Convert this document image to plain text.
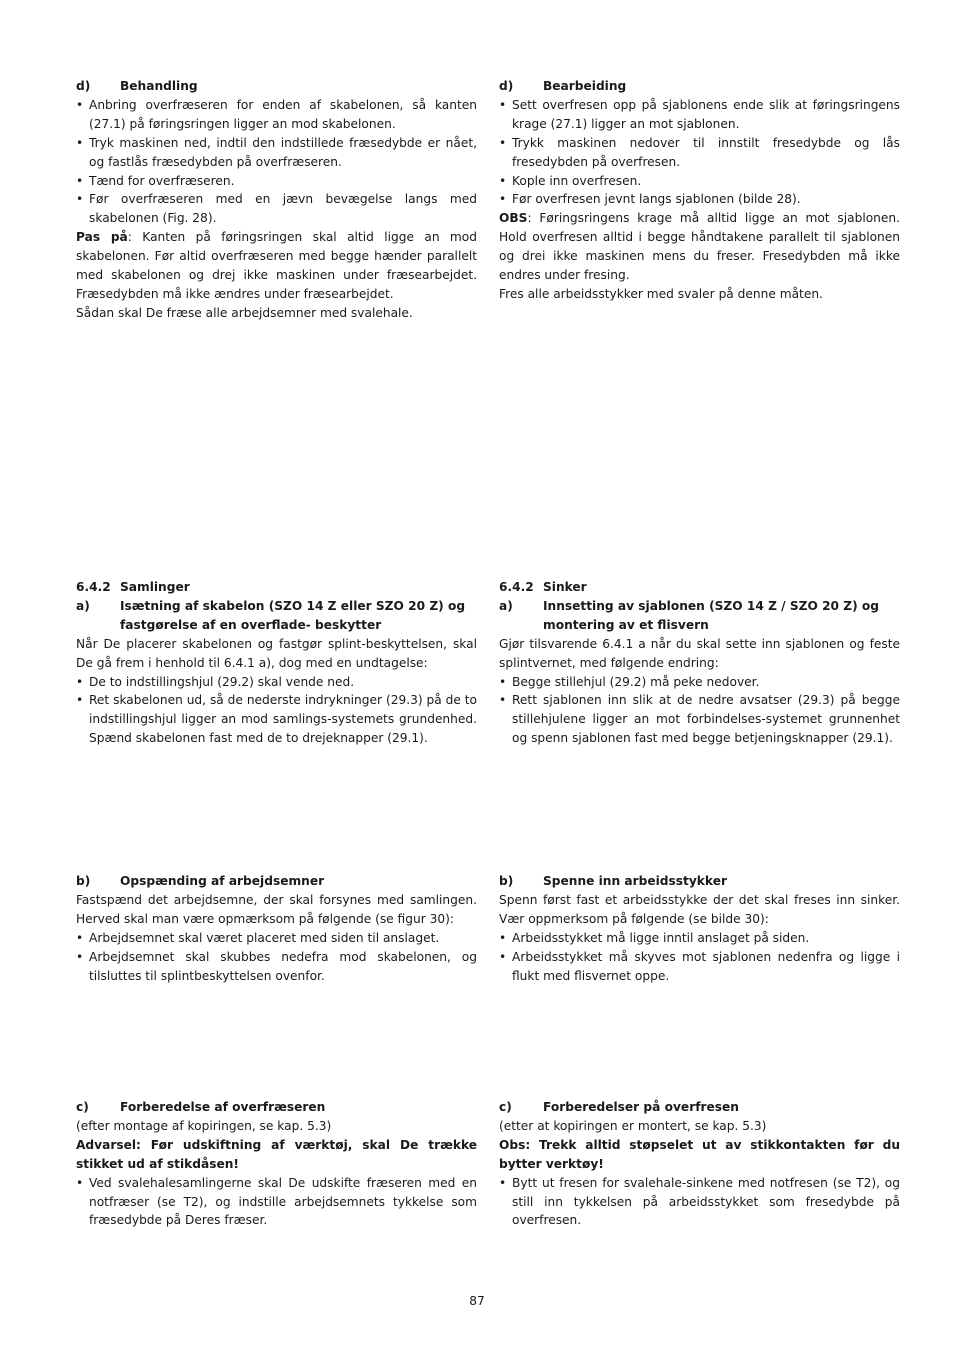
d)	Behandling
• Anbring overfræseren for enden af skabelonen, så kanten (27.1) på føringsringen ligger an mod skabelonen.
• Tryk maskinen ned, indtil den indstillede fræsedybde er nået, og fastlås fræsedybden på overfræseren.
• Tænd for overfræseren.
• Før overfræseren med en jævn bevægelse langs med skabelonen (Fig. 28).

Pas på: Kanten på føringsringen skal altid ligge an mod skabelonen. Før altid overfræseren med begge hænder parallelt med skabelonen og drej ikke maskinen under fræsearbejdet. Fræsedybden må ikke ændres under fræsearbejdet.

Sådan skal De fræse alle arbejdsemner med svalehale.

6.4.2 Samlinger
a)	Isætning af skabelon (SZO 14 Z eller SZO 20 Z) og fastgørelse af en overflade- beskytter

Når De placerer skabelonen og fastgør splint-beskyttelsen, skal De gå frem i henhold til 6.4.1 a), dog med en undtagelse:

• De to indstillingshjul (29.2) skal vende ned.
• Ret skabelonen ud, så de nederste indrykninger (29.3) på de to indstillingshjul ligger an mod samlings-systemets grundenhed. Spænd skabelonen fast med de to drejeknapper (29.1).
b)	Opspænding af arbejdsemner

Fastspænd det arbejdsemne, der skal forsynes med samlingen. Herved skal man være opmærksom på følgende (se figur 30):

• Arbejdsemnet skal været placeret med siden til anslaget.
• Arbejdsemnet skal skubbes nedefra mod skabelonen, og tilsluttes til splintbeskyttelsen ovenfor.
c)	Forberedelse af overfræseren

(efter montage af kopiringen, se kap. 5.3)

Advarsel: Før udskiftning af værktøj, skal De trække stikket ud af stikdåsen!

• Ved svalehalesamlingerne skal De udskifte fræseren med en notfræser (se T2), og indstille arbejdsemnets tykkelse som fræsedybde på Deres fræser.
d)	Bearbeiding
• Sett overfresen opp på sjablonens ende slik at føringsringens krage (27.1) ligger an mot sjablonen.
• Trykk maskinen nedover til innstilt fresedybde og lås fresedybden på overfresen.
• Kople inn overfresen.
• Før overfresen jevnt langs sjablonen (bilde 28).

OBS: Føringsringens krage må alltid ligge an mot sjablonen. Hold overfresen alltid i begge håndtakene parallelt til sjablonen og drei ikke maskinen mens du freser. Fresedybden må ikke endres under fresing.

Fres alle arbeidsstykker med svaler på denne måten.

6.4.2 Sinker
a)	Innsetting av sjablonen (SZO 14 Z / SZO 20 Z) og montering av et flisvern

Gjør tilsvarende 6.4.1 a når du skal sette inn sjablonen og feste splintvernet, med følgende endring:

• Begge stillehjul (29.2) må peke nedover.
• Rett sjablonen inn slik at de nedre avsatser (29.3) på begge stillehjulene ligger an mot forbindelses-systemet grunnenhet og spenn sjablonen fast med begge betjeningsknapper (29.1).
b)	Spenne inn arbeidsstykker

Spenn først fast et arbeidsstykke der det skal freses inn sinker. Vær oppmerksom på følgende (se bilde 30):

• Arbeidsstykket må ligge inntil anslaget på siden.
• Arbeidsstykket må skyves mot sjablonen nedenfra og ligge i flukt med flisvernet oppe.
c)	Forberedelser på overfresen

(etter at kopiringen er montert, se kap. 5.3)

Obs: Trekk alltid støpselet ut av stikkontakten før du bytter verktøy!

• Bytt ut fresen for svalehale-sinkene med notfresen (se T2), og still inn tykkelsen på arbeidsstykket som fresedybde på overfresen.
87
